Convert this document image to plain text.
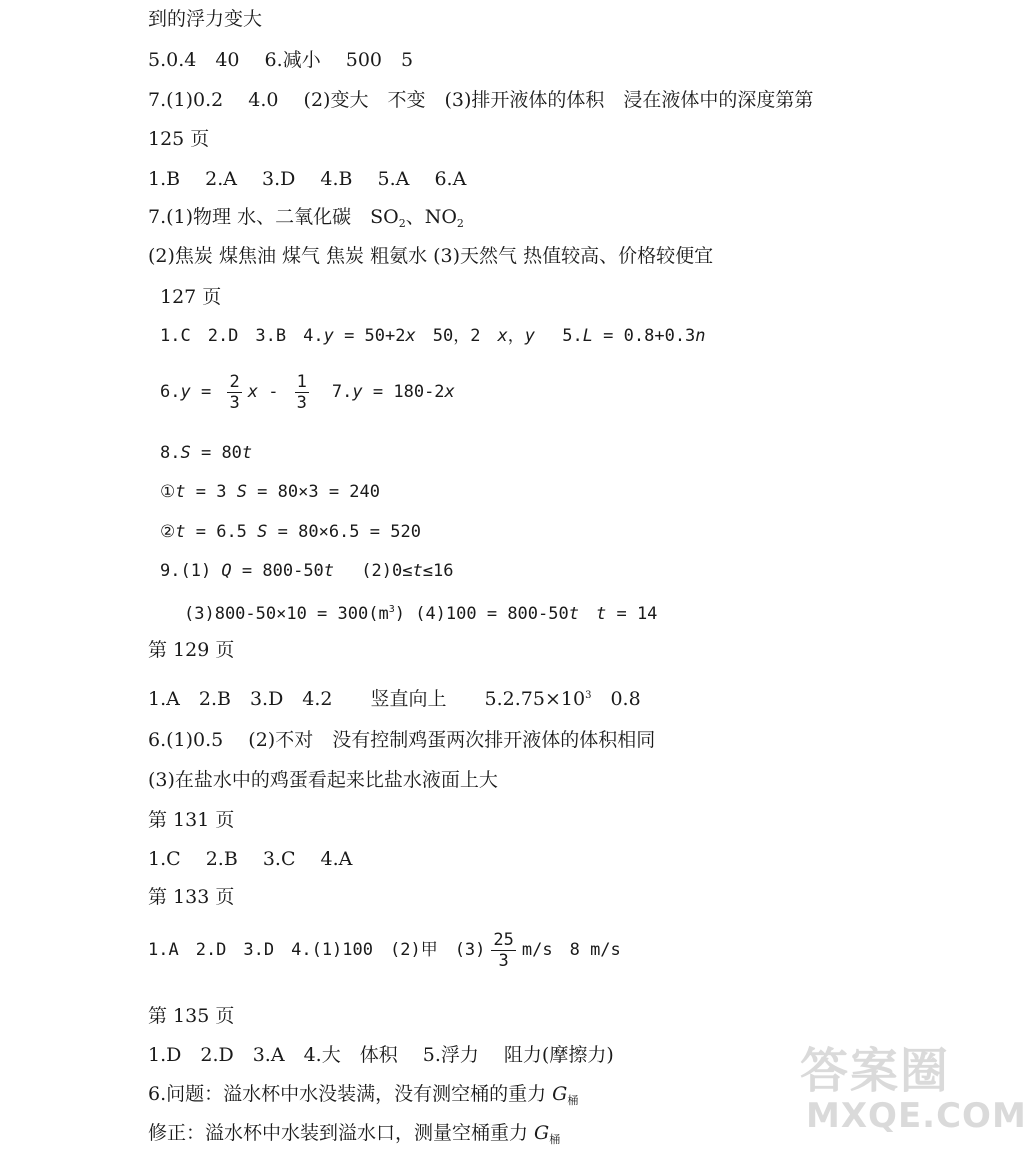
到的浮力变大
5.0.4　40　 6.减小　 500　5
7.(1)0.2　 4.0　 (2)变大　不变　(3)排开液体的体积　浸在液体中的深度第第
125 页
1.B　 2.A　 3.D　 4.B　 5.A　 6.A
7.(1)物理 水、二氧化碳　$SO_2$、$NO_2$
(2)焦炭 煤焦油 煤气 焦炭 粗氨水 (3)天然气 热值较高、价格较便宜
127 页
1.C　2.D　3.B　4.y = 50+2x　50，2　x，y　 5.L = 0.8+0.3n
$6.y = \frac{2}{3}$ x - $\frac{1}{3}$ 　7.y = 180-2x
8.S = 80t
①t = 3 S = 80×3 = 240
②t = 6.5 S = 80×6.5 = 520
9.(1) Q = 800-50t　 (2)0≤t≤16
$(3)800-50\times 10 = 300(m^3) (4)100 = 800-50t$　 t = 14
第 129 页
1.A　2.B　3.D　4.2　　竖直向上　　$5.2.75\times 10^3$　0.8
6.(1)0.5　 (2)不对　没有控制鸡蛋两次排开液体的体积相同
(3)在盐水中的鸡蛋看起来比盐水液面上大
第 131 页
1.C　 2.B　 3.C　 4.A
第 133 页
1.A　2.D　3.D　4.(1)100　(2)甲　$(3) \frac{25}{3} m/s$　8 m/s
第 135 页
1.D　2.D　3.A　4.大　体积　 5.浮力　 阻力(摩擦力)
6.问题：溢水杯中水没装满，没有测空桶的重力 $G_桶$
修正：溢水杯中水装到溢水口，测量空桶重力 $G_桶$
答案圈
MXQE.COM
